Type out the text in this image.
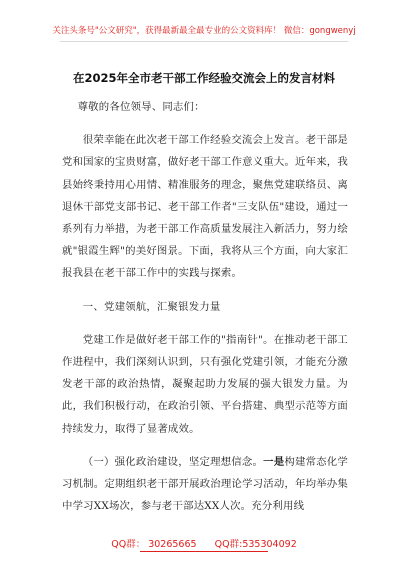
关注头条号"公文研究"，获得最新最全最专业的公文资料库！ 微信：gongwenyj
在2025年全市老干部工作经验交流会上的发言材料

尊敬的各位领导、同志们：

很荣幸能在此次老干部工作经验交流会上发言。老干部是党和国家的宝贵财富，做好老干部工作意义重大。近年来，我县始终秉持用心用情、精准服务的理念，聚焦党建联络员、离退休干部党支部书记、老干部工作者"三支队伍"建设，通过一系列有力举措，为老干部工作高质量发展注入新活力，努力绘就"银霞生辉"的美好图景。下面，我将从三个方面，向大家汇报我县在老干部工作中的实践与探索。

一、党建领航，汇聚银发力量

党建工作是做好老干部工作的"指南针"。在推动老干部工作进程中，我们深刻认识到，只有强化党建引领，才能充分激发老干部的政治热情，凝聚起助力发展的强大银发力量。为此，我们积极行动，在政治引领、平台搭建、典型示范等方面持续发力，取得了显著成效。

（一）强化政治建设，坚定理想信念。一是构建常态化学习机制。定期组织老干部开展政治理论学习活动，年均举办集中学习XX场次，参与老干部达XX人次。充分利用线

QQ群： 30265665      QQ群:535304092
